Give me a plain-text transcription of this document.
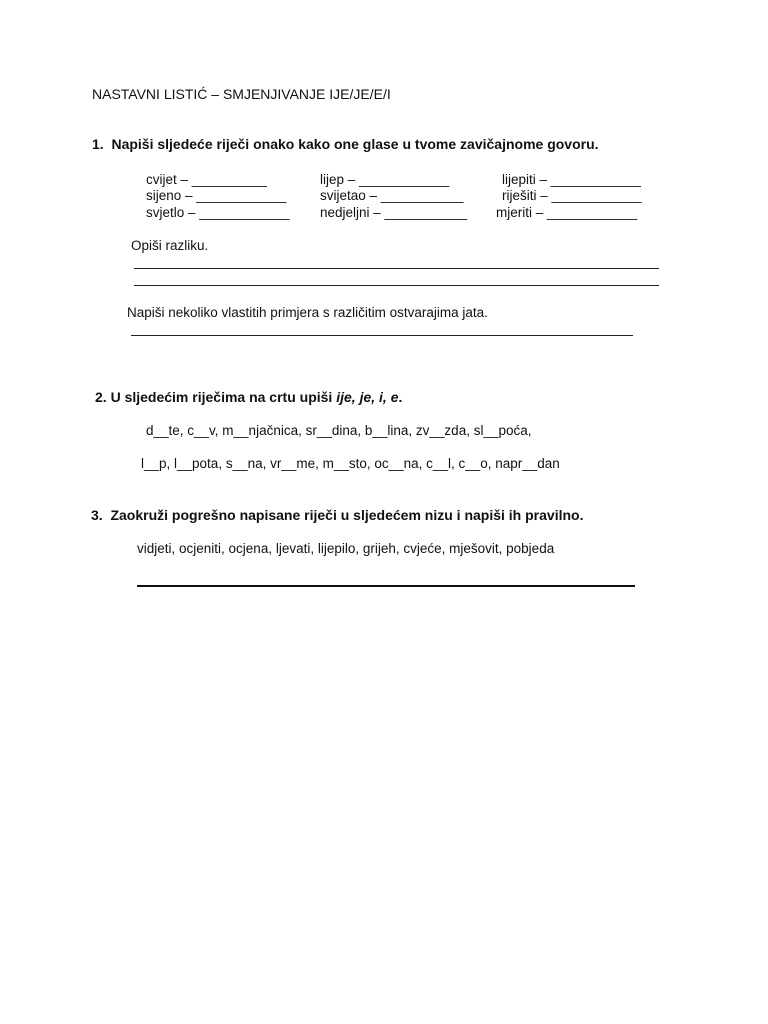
NASTAVNI LISTIĆ – SMJENJIVANJE IJE/JE/E/I
1.  Napiši sljedeće riječi onako kako one glase u tvome zavičajnome govoru.
cvijet – __________	lijep – ____________	lijepiti – ____________
sijeno – ____________ svijetao – ___________	riješiti – ____________
svjetlo – ____________ nedjeljni – ___________ mjeriti – ____________
Opiši razliku.
Napiši nekoliko vlastitih primjera s različitim ostvarajima jata.
2. U sljedećim riječima na crtu upiši ije, je, i, e.
d__te, c__v, m__njačnica, sr__dina, b__lina, zv__zda, sl__poća,
l__p, l__pota, s__na, vr__me, m__sto, oc__na, c__l, c__o, napr__dan
3.  Zaokruži pogrešno napisane riječi u sljedećem nizu i napiši ih pravilno.
vidjeti, ocjeniti, ocjena, ljevati, lijepilo, grijeh, cvjeće, mješovit, pobjeda
